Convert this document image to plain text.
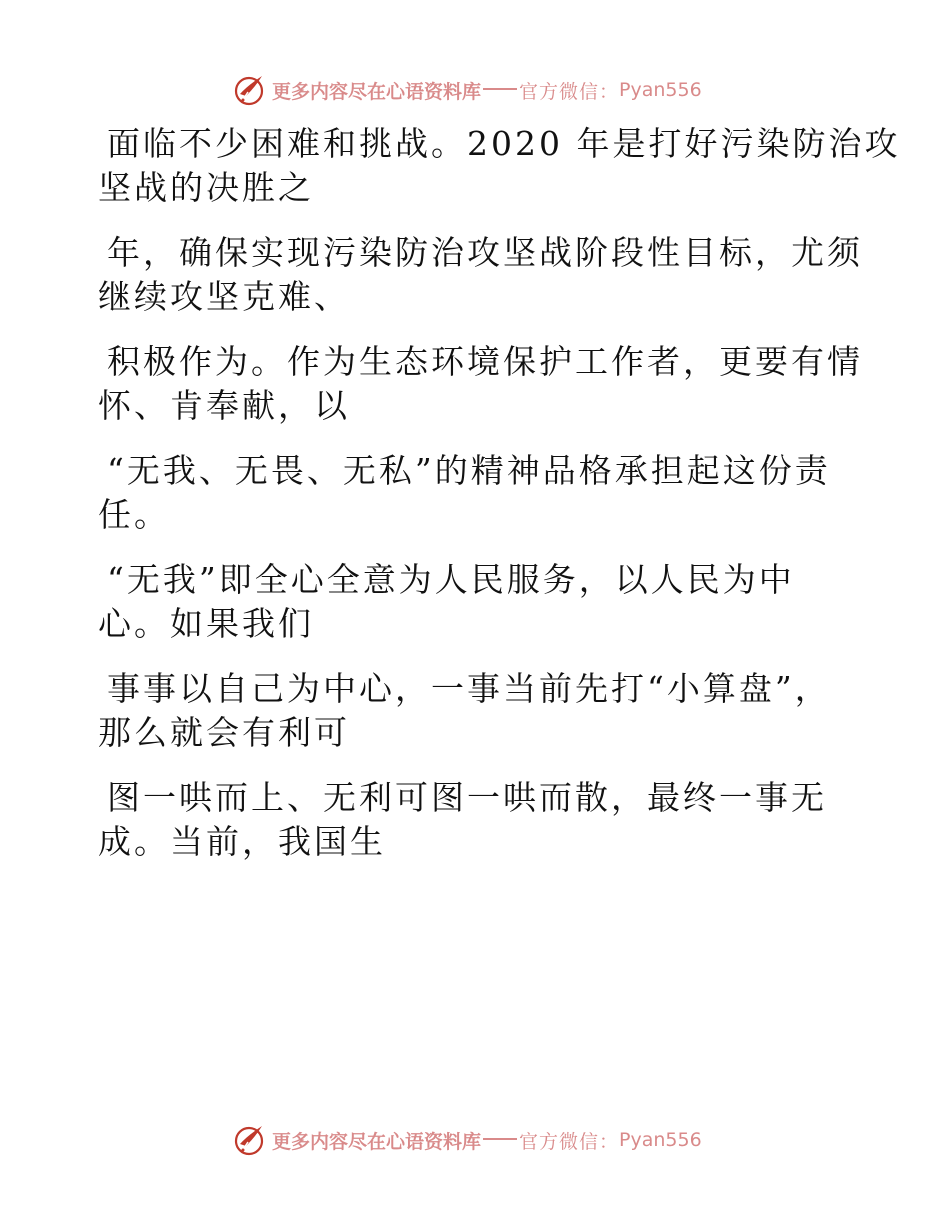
更多内容尽在心语资料库 官方微信： Pyan556
面临不少困难和挑战。2020 年是打好污染防治攻
坚战的决胜之
年，确保实现污染防治攻坚战阶段性目标，尤须
继续攻坚克难、
积极作为。作为生态环境保护工作者，更要有情
怀、肯奉献，以
“无我、无畏、无私”的精神品格承担起这份责
任。
“无我”即全心全意为人民服务，以人民为中
心。如果我们
事事以自己为中心，一事当前先打“小算盘”，
那么就会有利可
图一哄而上、无利可图一哄而散，最终一事无
成。当前，我国生
更多内容尽在心语资料库 官方微信： Pyan556
